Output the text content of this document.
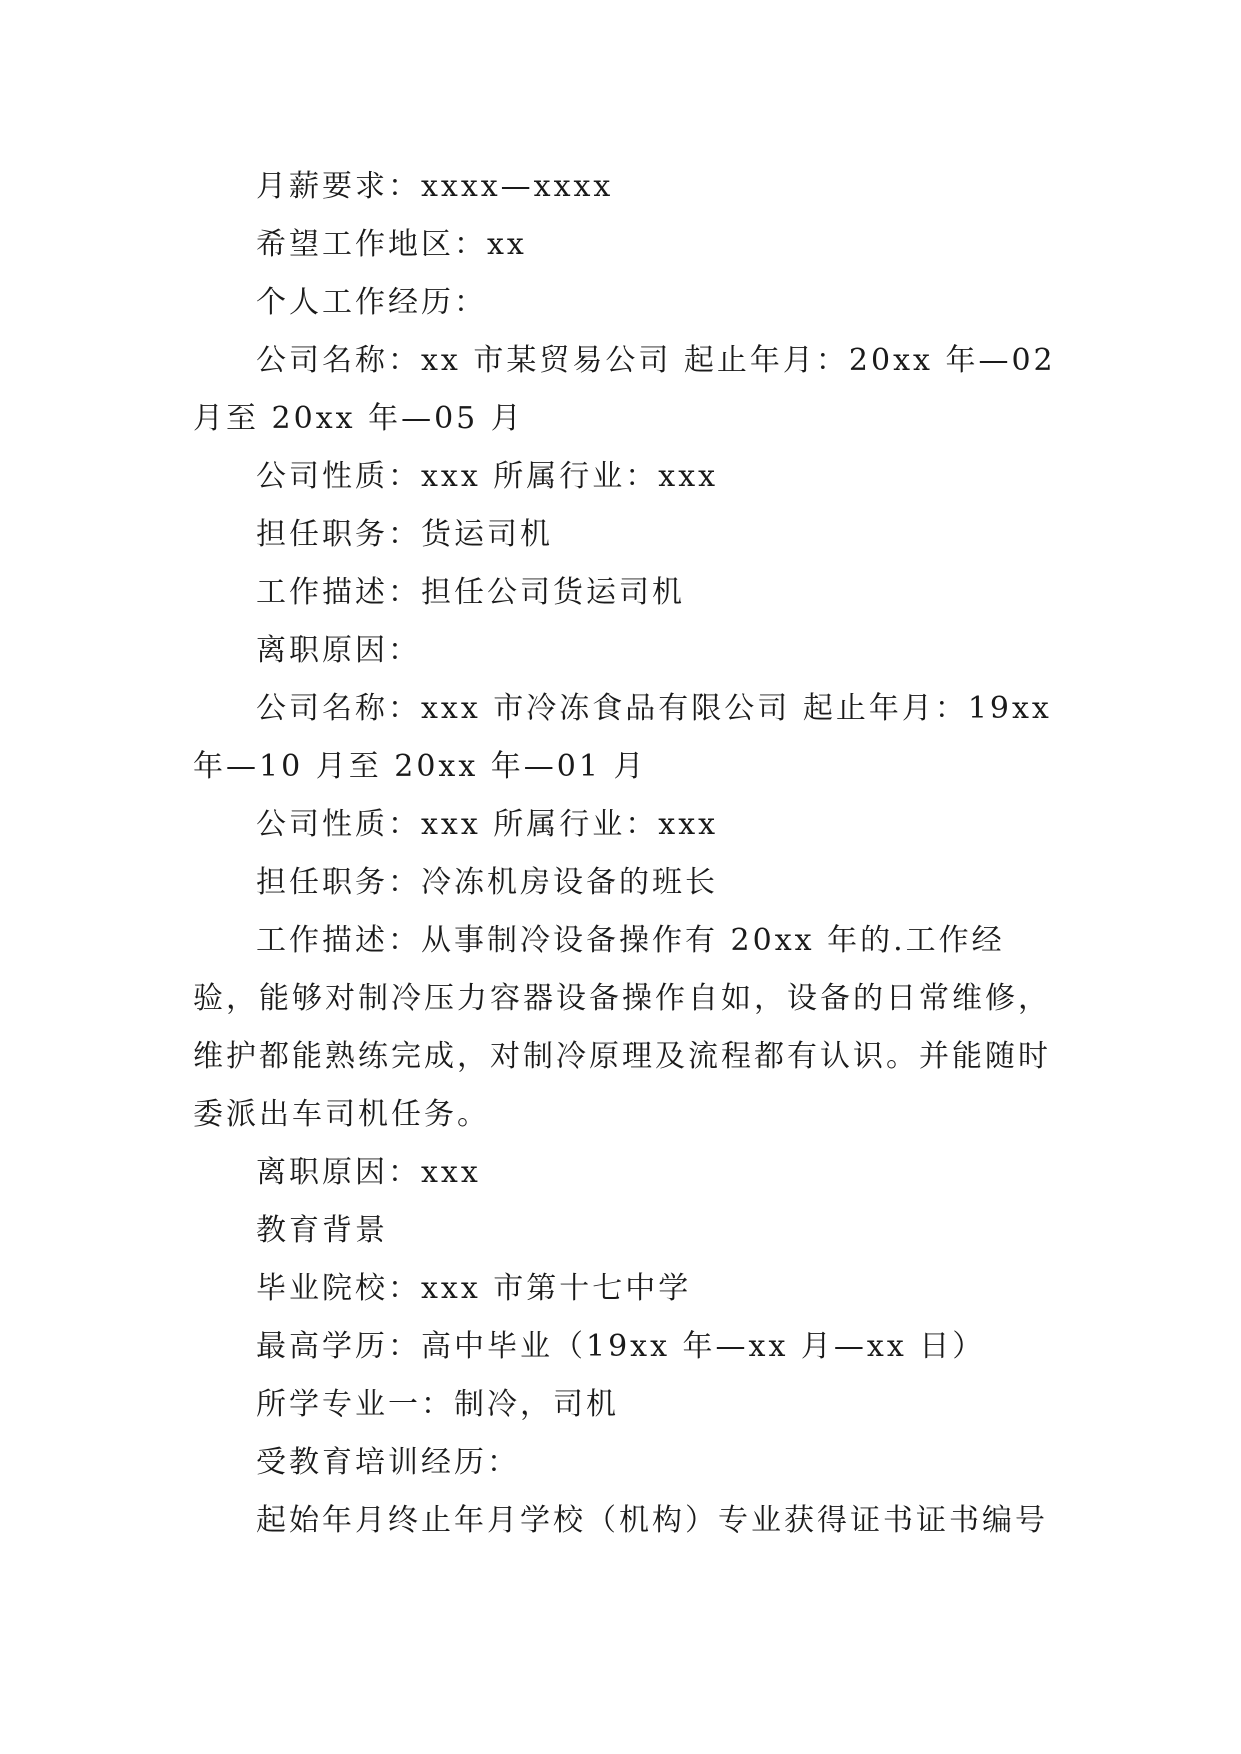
月薪要求：xxxx—xxxx

希望工作地区：xx

个人工作经历：

公司名称：xx 市某贸易公司 起止年月：20xx 年—02 月至 20xx 年—05 月

公司性质：xxx 所属行业：xxx

担任职务：货运司机

工作描述：担任公司货运司机

离职原因：

公司名称：xxx 市冷冻食品有限公司 起止年月：19xx 年—10 月至 20xx 年—01 月

公司性质：xxx 所属行业：xxx

担任职务：冷冻机房设备的班长

工作描述：从事制冷设备操作有 20xx 年的.工作经验，能够对制冷压力容器设备操作自如，设备的日常维修，维护都能熟练完成，对制冷原理及流程都有认识。并能随时委派出车司机任务。

离职原因：xxx

教育背景

毕业院校：xxx 市第十七中学

最高学历：高中毕业（19xx 年—xx 月—xx 日）

所学专业一：制冷，司机

受教育培训经历：

起始年月终止年月学校（机构）专业获得证书证书编号
